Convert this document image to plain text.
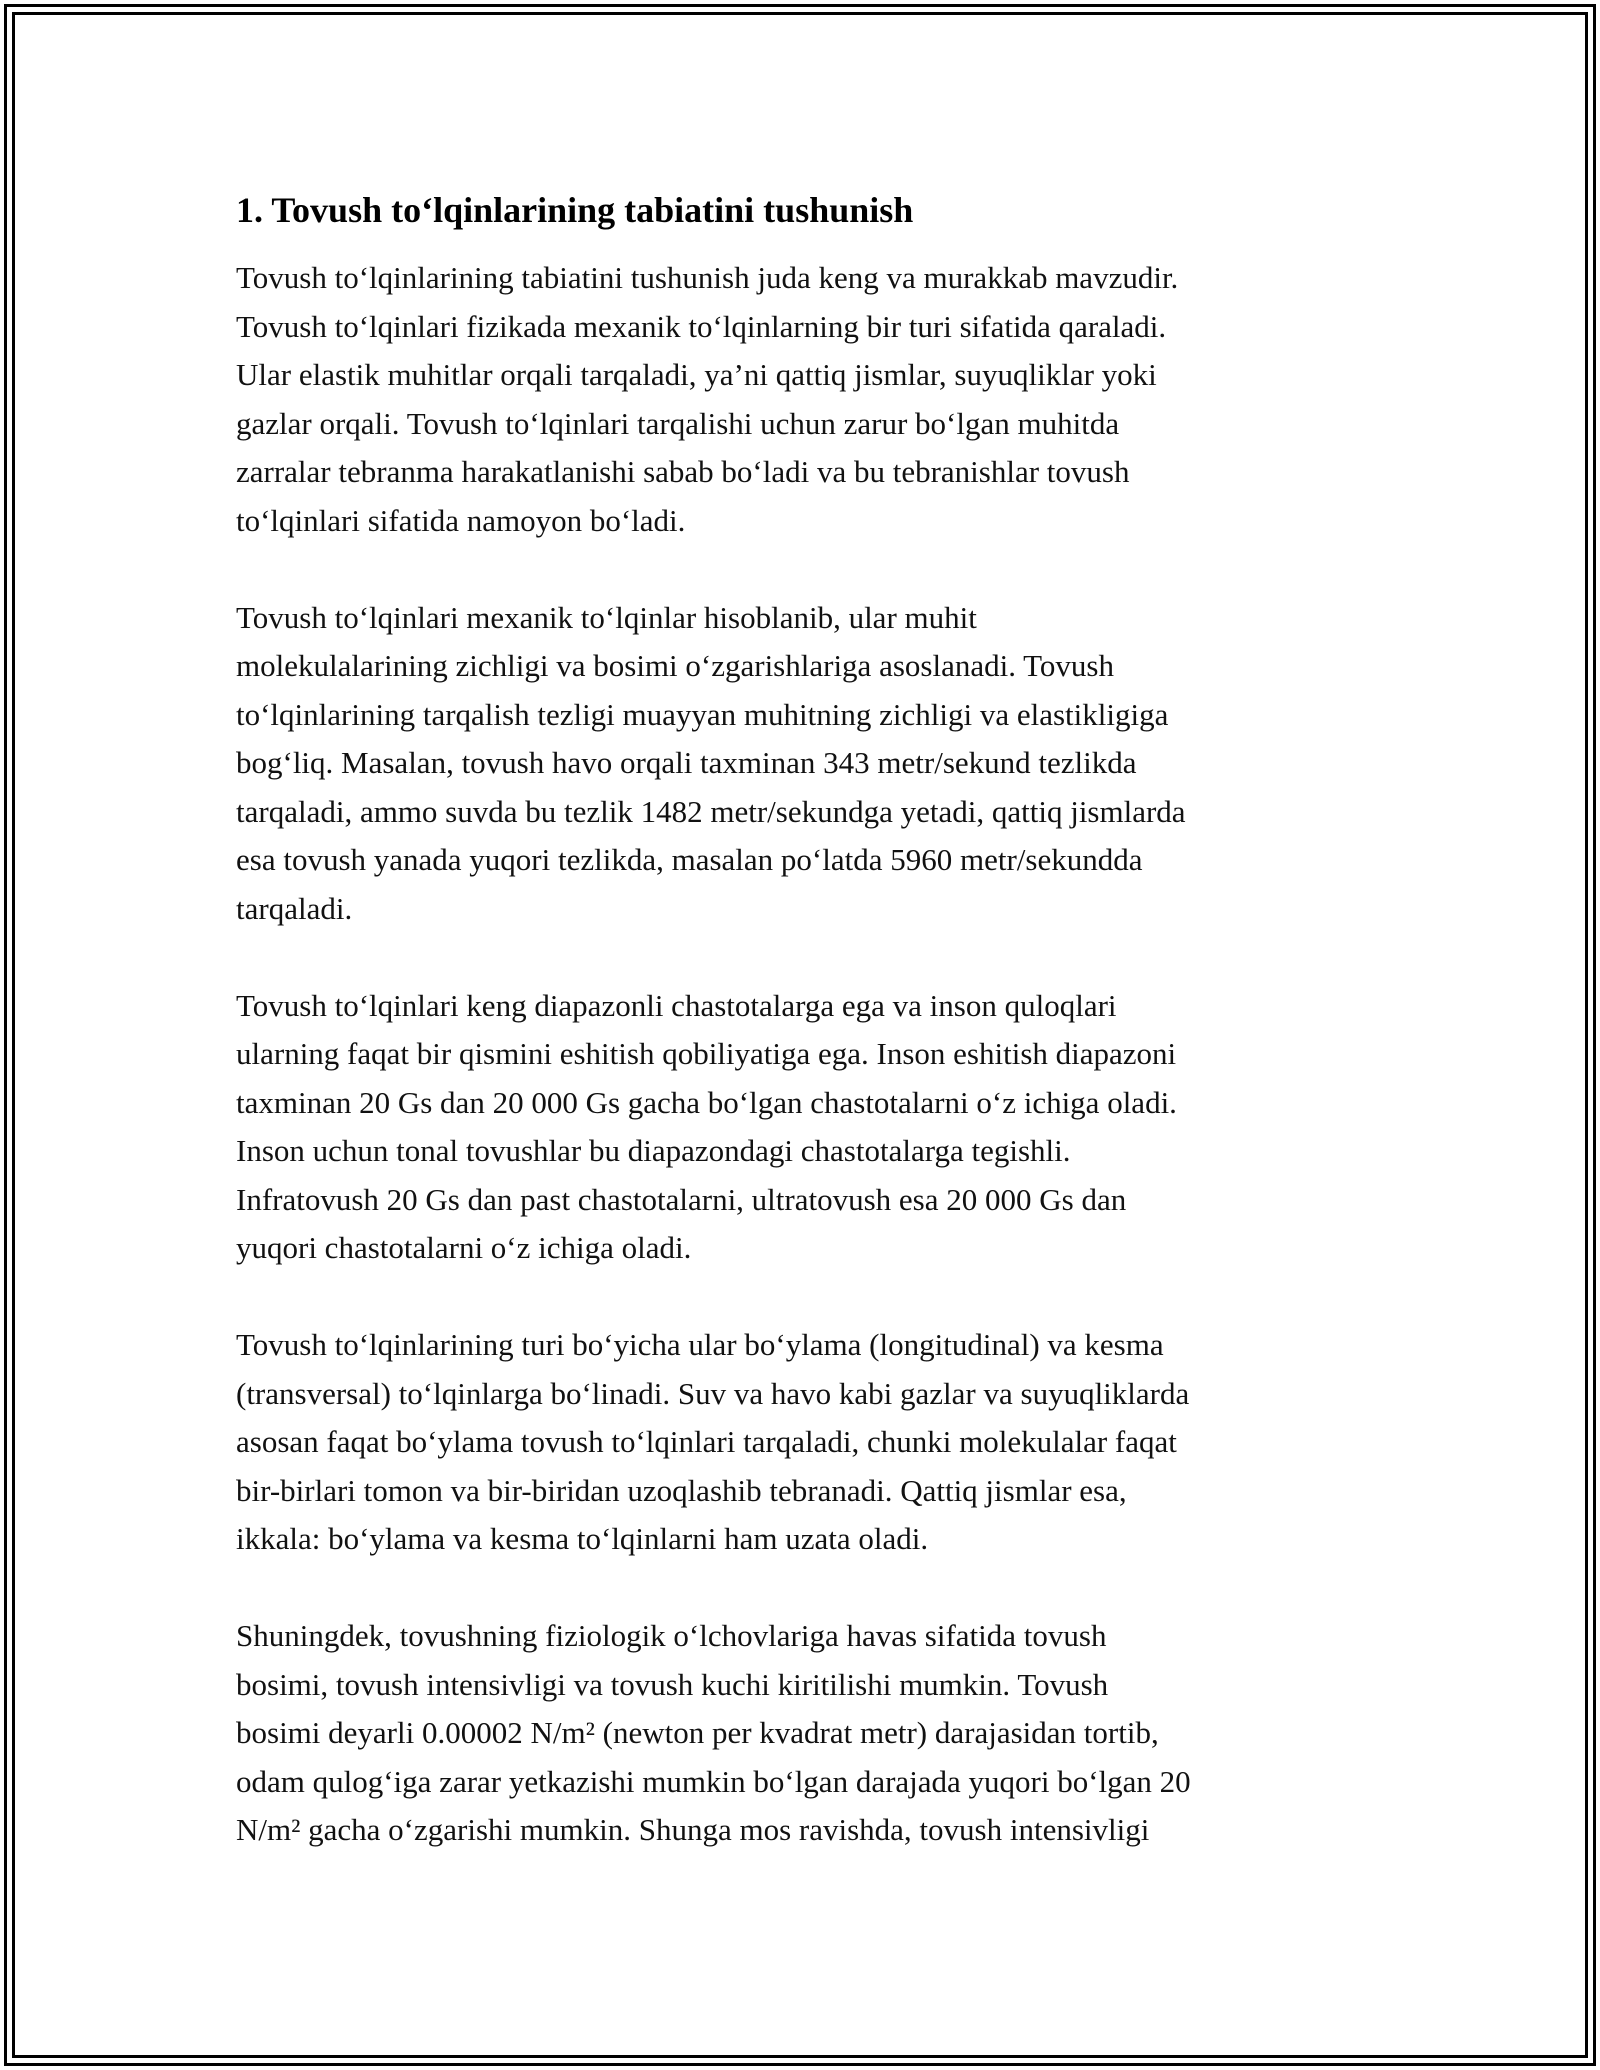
1. Tovush toʻlqinlarining tabiatini tushunish
Tovush toʻlqinlarining tabiatini tushunish juda keng va murakkab mavzudir.
Tovush toʻlqinlari fizikada mexanik toʻlqinlarning bir turi sifatida qaraladi.
Ular elastik muhitlar orqali tarqaladi, ya’ni qattiq jismlar, suyuqliklar yoki
gazlar orqali. Tovush toʻlqinlari tarqalishi uchun zarur boʻlgan muhitda
zarralar tebranma harakatlanishi sabab boʻladi va bu tebranishlar tovush
toʻlqinlari sifatida namoyon boʻladi.
Tovush toʻlqinlari mexanik toʻlqinlar hisoblanib, ular muhit
molekulalarining zichligi va bosimi oʻzgarishlariga asoslanadi. Tovush
toʻlqinlarining tarqalish tezligi muayyan muhitning zichligi va elastikligiga
bogʻliq. Masalan, tovush havo orqali taxminan 343 metr/sekund tezlikda
tarqaladi, ammo suvda bu tezlik 1482 metr/sekundga yetadi, qattiq jismlarda
esa tovush yanada yuqori tezlikda, masalan poʻlatda 5960 metr/sekundda
tarqaladi.
Tovush toʻlqinlari keng diapazonli chastotalarga ega va inson quloqlari
ularning faqat bir qismini eshitish qobiliyatiga ega. Inson eshitish diapazoni
taxminan 20 Gs dan 20 000 Gs gacha boʻlgan chastotalarni oʻz ichiga oladi.
Inson uchun tonal tovushlar bu diapazondagi chastotalarga tegishli.
Infratovush 20 Gs dan past chastotalarni, ultratovush esa 20 000 Gs dan
yuqori chastotalarni oʻz ichiga oladi.
Tovush toʻlqinlarining turi boʻyicha ular boʻylama (longitudinal) va kesma
(transversal) toʻlqinlarga boʻlinadi. Suv va havo kabi gazlar va suyuqliklarda
asosan faqat boʻylama tovush toʻlqinlari tarqaladi, chunki molekulalar faqat
bir-birlari tomon va bir-biridan uzoqlashib tebranadi. Qattiq jismlar esa,
ikkala: boʻylama va kesma toʻlqinlarni ham uzata oladi.
Shuningdek, tovushning fiziologik oʻlchovlariga havas sifatida tovush
bosimi, tovush intensivligi va tovush kuchi kiritilishi mumkin. Tovush
bosimi deyarli 0.00002 N/m² (newton per kvadrat metr) darajasidan tortib,
odam qulogʻiga zarar yetkazishi mumkin boʻlgan darajada yuqori boʻlgan 20
N/m² gacha oʻzgarishi mumkin. Shunga mos ravishda, tovush intensivligi
